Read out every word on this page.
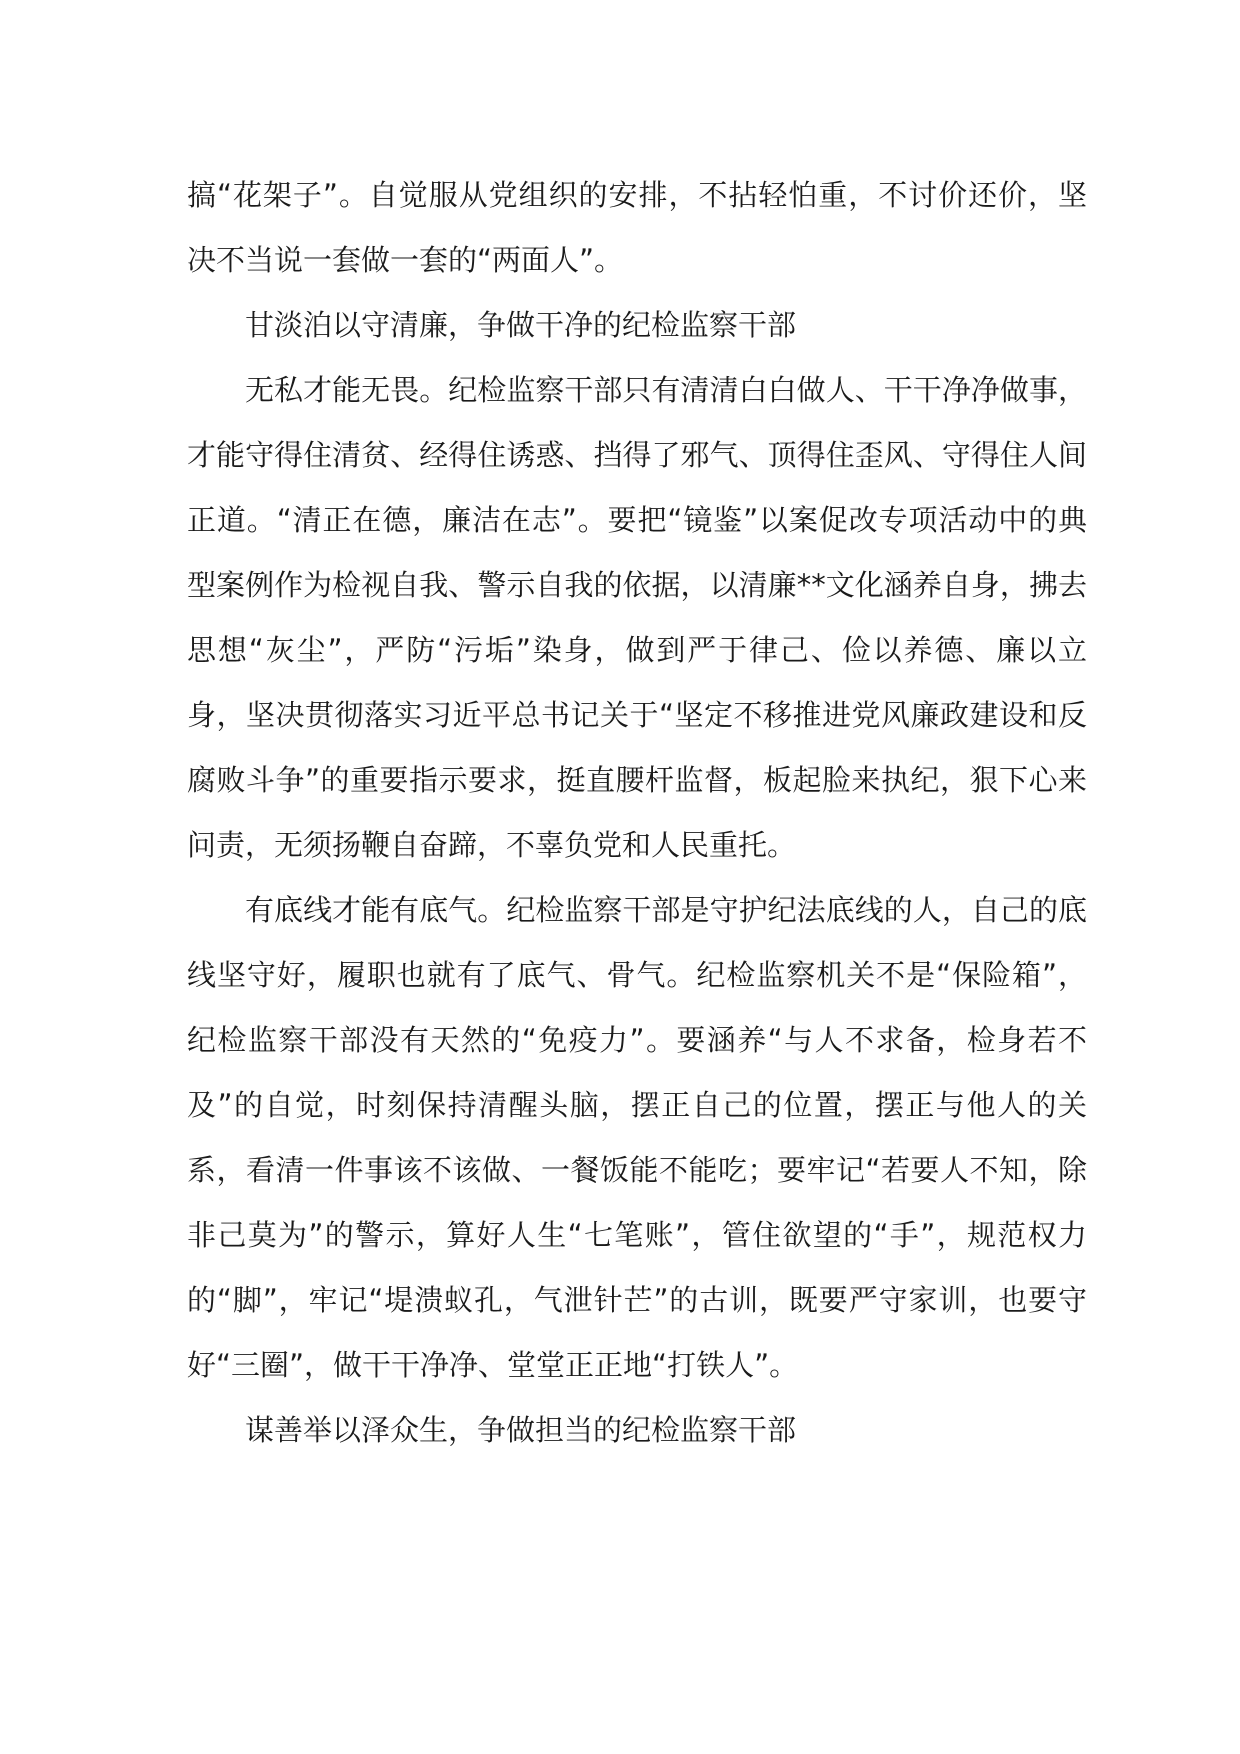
搞“花架子”。自觉服从党组织的安排，不拈轻怕重，不讨价还价，坚决不当说一套做一套的“两面人”。

甘淡泊以守清廉，争做干净的纪检监察干部

无私才能无畏。纪检监察干部只有清清白白做人、干干净净做事，才能守得住清贫、经得住诱惑、挡得了邪气、顶得住歪风、守得住人间正道。“清正在德，廉洁在志”。要把“镜鉴”以案促改专项活动中的典型案例作为检视自我、警示自我的依据，以清廉**文化涵养自身，拂去思想“灰尘”，严防“污垢”染身，做到严于律己、俭以养德、廉以立身，坚决贯彻落实习近平总书记关于“坚定不移推进党风廉政建设和反腐败斗争”的重要指示要求，挺直腰杆监督，板起脸来执纪，狠下心来问责，无须扬鞭自奋蹄，不辜负党和人民重托。

有底线才能有底气。纪检监察干部是守护纪法底线的人，自己的底线坚守好，履职也就有了底气、骨气。纪检监察机关不是“保险箱”，纪检监察干部没有天然的“免疫力”。要涵养“与人不求备，检身若不及”的自觉，时刻保持清醒头脑，摆正自己的位置，摆正与他人的关系，看清一件事该不该做、一餐饭能不能吃；要牢记“若要人不知，除非己莫为”的警示，算好人生“七笔账”，管住欲望的“手”，规范权力的“脚”，牢记“堤溃蚁孔，气泄针芒”的古训，既要严守家训，也要守好“三圈”，做干干净净、堂堂正正地“打铁人”。

谋善举以泽众生，争做担当的纪检监察干部
